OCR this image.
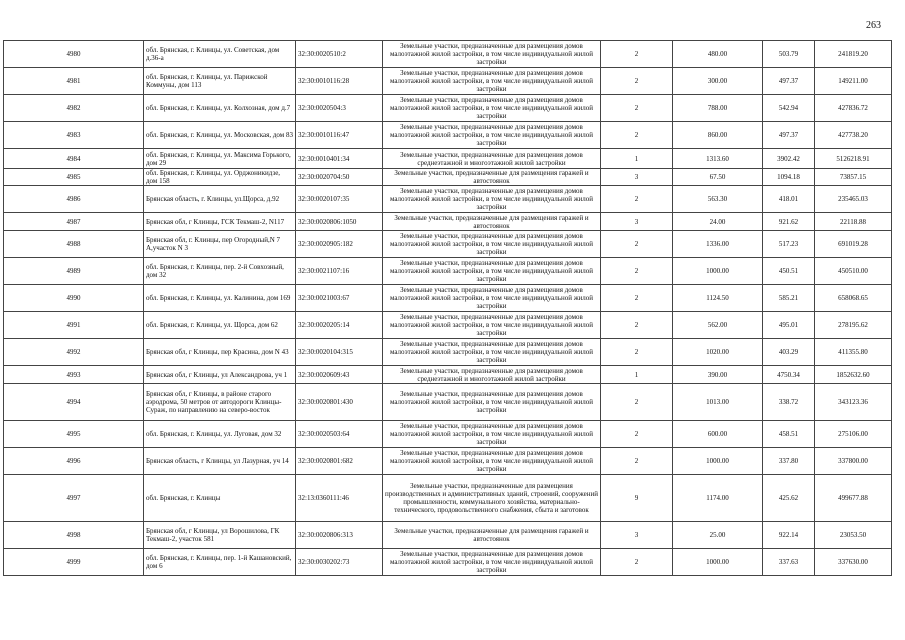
263
4980	обл. Брянская, г. Клинцы, ул. Советская, дом д.36-а	32:30:0020510:2	Земельные участки, предназначенные для размещения домов малоэтажной жилой застройки, в том числе индивидуальной жилой застройки	2	480.00	503.79	241819.20
4981	обл. Брянская, г. Клинцы, ул. Парижской Коммуны, дом 113	32:30:0010116:28	Земельные участки, предназначенные для размещения домов малоэтажной жилой застройки, в том числе индивидуальной жилой застройки	2	300.00	497.37	149211.00
4982	обл. Брянская, г. Клинцы, ул. Колхозная, дом д.7	32:30:0020504:3	Земельные участки, предназначенные для размещения домов малоэтажной жилой застройки, в том числе индивидуальной жилой застройки	2	788.00	542.94	427836.72
4983	обл. Брянская, г. Клинцы, ул. Московская, дом 83	32:30:0010116:47	Земельные участки, предназначенные для размещения домов малоэтажной жилой застройки, в том числе индивидуальной жилой застройки	2	860.00	497.37	427738.20
4984	обл. Брянская, г. Клинцы, ул. Максима Горького, дом 29	32:30:0010401:34	Земельные участки, предназначенные для размещения домов среднеэтажной и многоэтажной жилой застройки	1	1313.60	3902.42	5126218.91
4985	обл. Брянская, г. Клинцы, ул. Орджоникидзе, дом 158	32:30:0020704:50	Земельные участки, предназначенные для размещения гаражей и автостоянок	3	67.50	1094.18	73857.15
4986	Брянская область, г. Клинцы, ул.Щорса, д.92	32:30:0020107:35	Земельные участки, предназначенные для размещения домов малоэтажной жилой застройки, в том числе индивидуальной жилой застройки	2	563.30	418.01	235465.03
4987	Брянская обл, г Клинцы, ГСК Текмаш-2, N117	32:30:0020806:1050	Земельные участки, предназначенные для размещения гаражей и автостоянок	3	24.00	921.62	22118.88
4988	Брянская обл, г. Клинцы, пер Огородный,N 7 А,участок N 3	32:30:0020905:182	Земельные участки, предназначенные для размещения домов малоэтажной жилой застройки, в том числе индивидуальной жилой застройки	2	1336.00	517.23	691019.28
4989	обл. Брянская, г. Клинцы, пер. 2-й Совхозный, дом 32	32:30:0021107:16	Земельные участки, предназначенные для размещения домов малоэтажной жилой застройки, в том числе индивидуальной жилой застройки	2	1000.00	450.51	450510.00
4990	обл. Брянская, г. Клинцы, ул. Калинина, дом 169	32:30:0021003:67	Земельные участки, предназначенные для размещения домов малоэтажной жилой застройки, в том числе индивидуальной жилой застройки	2	1124.50	585.21	658068.65
4991	обл. Брянская, г. Клинцы, ул. Щорса, дом 62	32:30:0020205:14	Земельные участки, предназначенные для размещения домов малоэтажной жилой застройки, в том числе индивидуальной жилой застройки	2	562.00	495.01	278195.62
4992	Брянская обл, г Клинцы, пер Красина, дом N 43	32:30:0020104:315	Земельные участки, предназначенные для размещения домов малоэтажной жилой застройки, в том числе индивидуальной жилой застройки	2	1020.00	403.29	411355.80
4993	Брянская обл, г Клинцы, ул Александрова, уч 1	32:30:0020609:43	Земельные участки, предназначенные для размещения домов среднеэтажной и многоэтажной жилой застройки	1	390.00	4750.34	1852632.60
4994	Брянская обл, г Клинцы, в районе старого аэродрома, 50 метров от автодороги Клинцы-Сураж, по направлению на северо-восток	32:30:0020801:430	Земельные участки, предназначенные для размещения домов малоэтажной жилой застройки, в том числе индивидуальной жилой застройки	2	1013.00	338.72	343123.36
4995	обл. Брянская, г. Клинцы, ул. Луговая, дом 32	32:30:0020503:64	Земельные участки, предназначенные для размещения домов малоэтажной жилой застройки, в том числе индивидуальной жилой застройки	2	600.00	458.51	275106.00
4996	Брянская область, г Клинцы, ул Лазурная, уч 14	32:30:0020801:682	Земельные участки, предназначенные для размещения домов малоэтажной жилой застройки, в том числе индивидуальной жилой застройки	2	1000.00	337.80	337800.00
4997	обл. Брянская, г. Клинцы	32:13:0360111:46	Земельные участки, предназначенные для размещения производственных и административных зданий, строений, сооружений промышленности, коммунального хозяйства, материально-технического, продовольственного снабжения, сбыта и заготовок	9	1174.00	425.62	499677.88
4998	Брянская обл, г Клинцы, ул Ворошилова, ГК Текмаш-2, участок 581	32:30:0020806:313	Земельные участки, предназначенные для размещения гаражей и автостоянок	3	25.00	922.14	23053.50
4999	обл. Брянская, г. Клинцы, пер. 1-й Кашановский, дом 6	32:30:0030202:73	Земельные участки, предназначенные для размещения домов малоэтажной жилой застройки, в том числе индивидуальной жилой застройки	2	1000.00	337.63	337630.00
